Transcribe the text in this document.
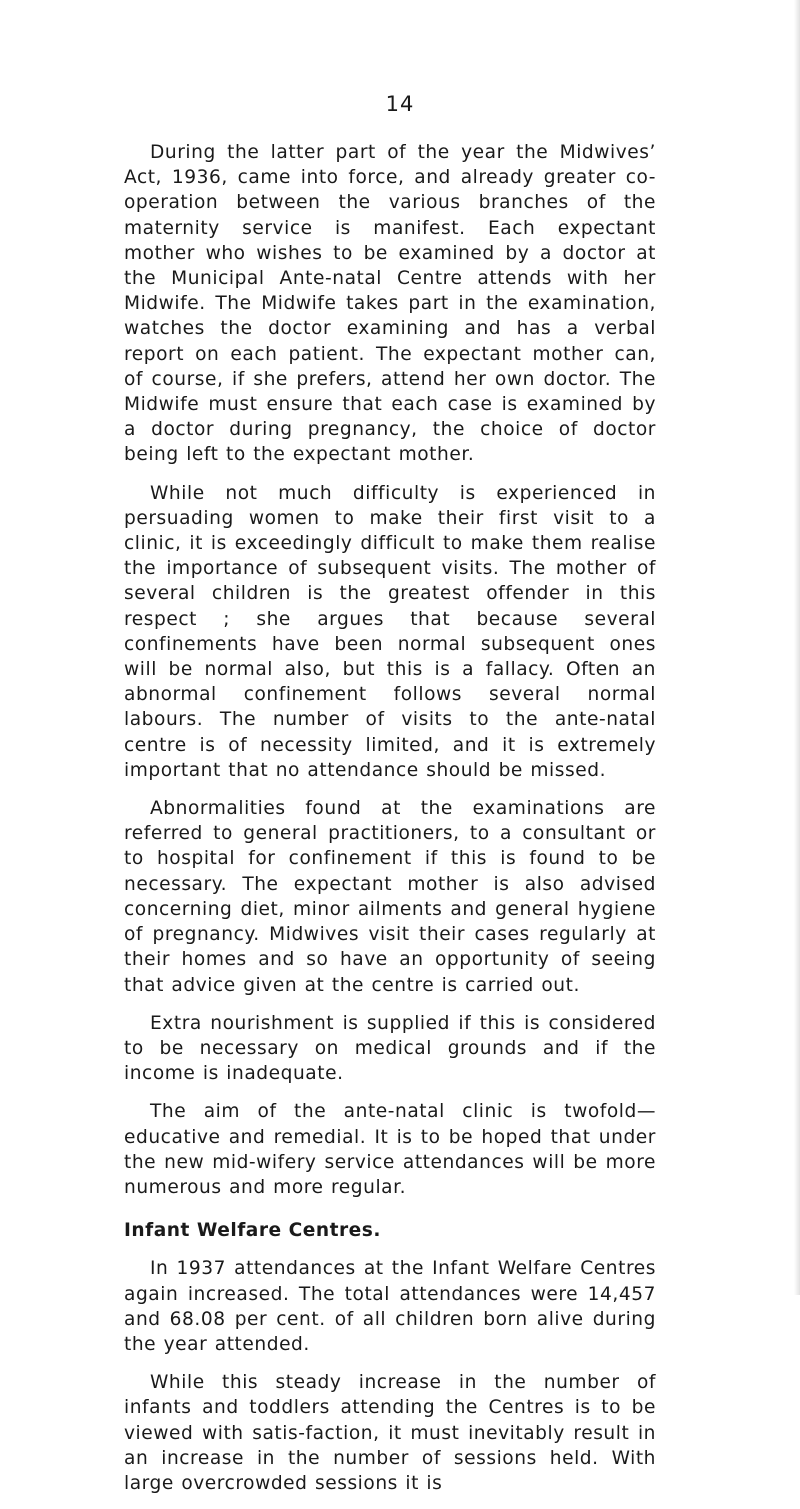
14

During the latter part of the year the Midwives’ Act, 1936, came into force, and already greater co-operation between the various branches of the maternity service is manifest. Each expectant mother who wishes to be examined by a doctor at the Municipal Ante-natal Centre attends with her Midwife. The Midwife takes part in the examination, watches the doctor examining and has a verbal report on each patient. The expectant mother can, of course, if she prefers, attend her own doctor. The Midwife must ensure that each case is examined by a doctor during pregnancy, the choice of doctor being left to the expectant mother.

While not much difficulty is experienced in persuading women to make their first visit to a clinic, it is exceedingly difficult to make them realise the importance of subsequent visits. The mother of several children is the greatest offender in this respect ; she argues that because several confinements have been normal subsequent ones will be normal also, but this is a fallacy. Often an abnormal confinement follows several normal labours. The number of visits to the ante-natal centre is of necessity limited, and it is extremely important that no attendance should be missed.

Abnormalities found at the examinations are referred to general practitioners, to a consultant or to hospital for confinement if this is found to be necessary. The expectant mother is also advised concerning diet, minor ailments and general hygiene of pregnancy. Midwives visit their cases regularly at their homes and so have an opportunity of seeing that advice given at the centre is carried out.

Extra nourishment is supplied if this is considered to be necessary on medical grounds and if the income is inadequate.

The aim of the ante-natal clinic is twofold—educative and remedial. It is to be hoped that under the new mid-wifery service attendances will be more numerous and more regular.

Infant Welfare Centres.

In 1937 attendances at the Infant Welfare Centres again increased. The total attendances were 14,457 and 68.08 per cent. of all children born alive during the year attended.

While this steady increase in the number of infants and toddlers attending the Centres is to be viewed with satis-faction, it must inevitably result in an increase in the number of sessions held. With large overcrowded sessions it is
